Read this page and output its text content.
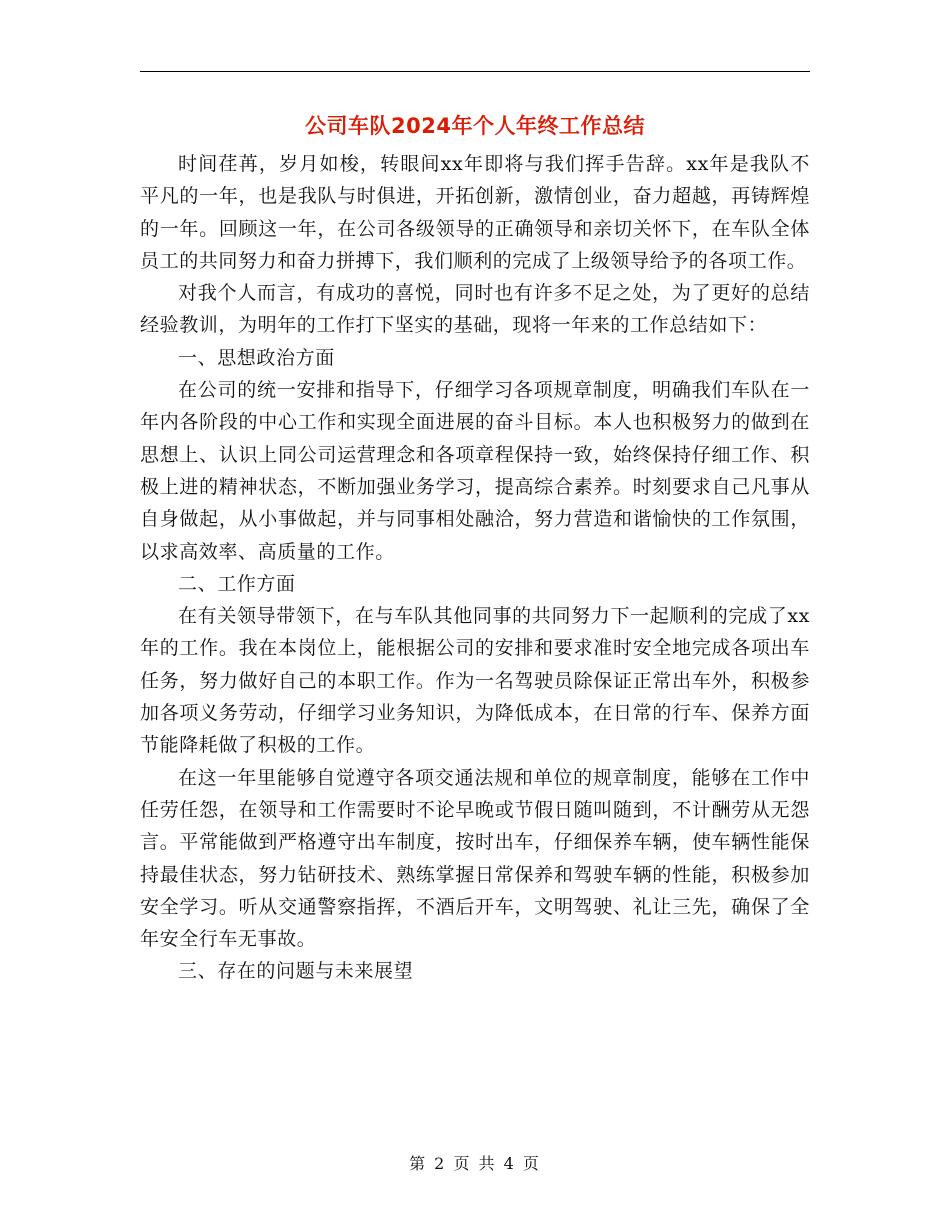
公司车队2024年个人年终工作总结

时间荏苒，岁月如梭，转眼间xx年即将与我们挥手告辞。xx年是我队不平凡的一年，也是我队与时俱进，开拓创新，激情创业，奋力超越，再铸辉煌的一年。回顾这一年，在公司各级领导的正确领导和亲切关怀下，在车队全体员工的共同努力和奋力拼搏下，我们顺利的完成了上级领导给予的各项工作。

对我个人而言，有成功的喜悦，同时也有许多不足之处，为了更好的总结经验教训，为明年的工作打下坚实的基础，现将一年来的工作总结如下：

一、思想政治方面

在公司的统一安排和指导下，仔细学习各项规章制度，明确我们车队在一年内各阶段的中心工作和实现全面进展的奋斗目标。本人也积极努力的做到在思想上、认识上同公司运营理念和各项章程保持一致，始终保持仔细工作、积极上进的精神状态，不断加强业务学习，提高综合素养。时刻要求自己凡事从自身做起，从小事做起，并与同事相处融洽，努力营造和谐愉快的工作氛围，以求高效率、高质量的工作。

二、工作方面

在有关领导带领下，在与车队其他同事的共同努力下一起顺利的完成了xx年的工作。我在本岗位上，能根据公司的安排和要求准时安全地完成各项出车任务，努力做好自己的本职工作。作为一名驾驶员除保证正常出车外，积极参加各项义务劳动，仔细学习业务知识，为降低成本，在日常的行车、保养方面节能降耗做了积极的工作。

在这一年里能够自觉遵守各项交通法规和单位的规章制度，能够在工作中任劳任怨，在领导和工作需要时不论早晚或节假日随叫随到，不计酬劳从无怨言。平常能做到严格遵守出车制度，按时出车，仔细保养车辆，使车辆性能保持最佳状态，努力钻研技术、熟练掌握日常保养和驾驶车辆的性能，积极参加安全学习。听从交通警察指挥，不酒后开车，文明驾驶、礼让三先，确保了全年安全行车无事故。

三、存在的问题与未来展望

第 2 页 共 4 页
